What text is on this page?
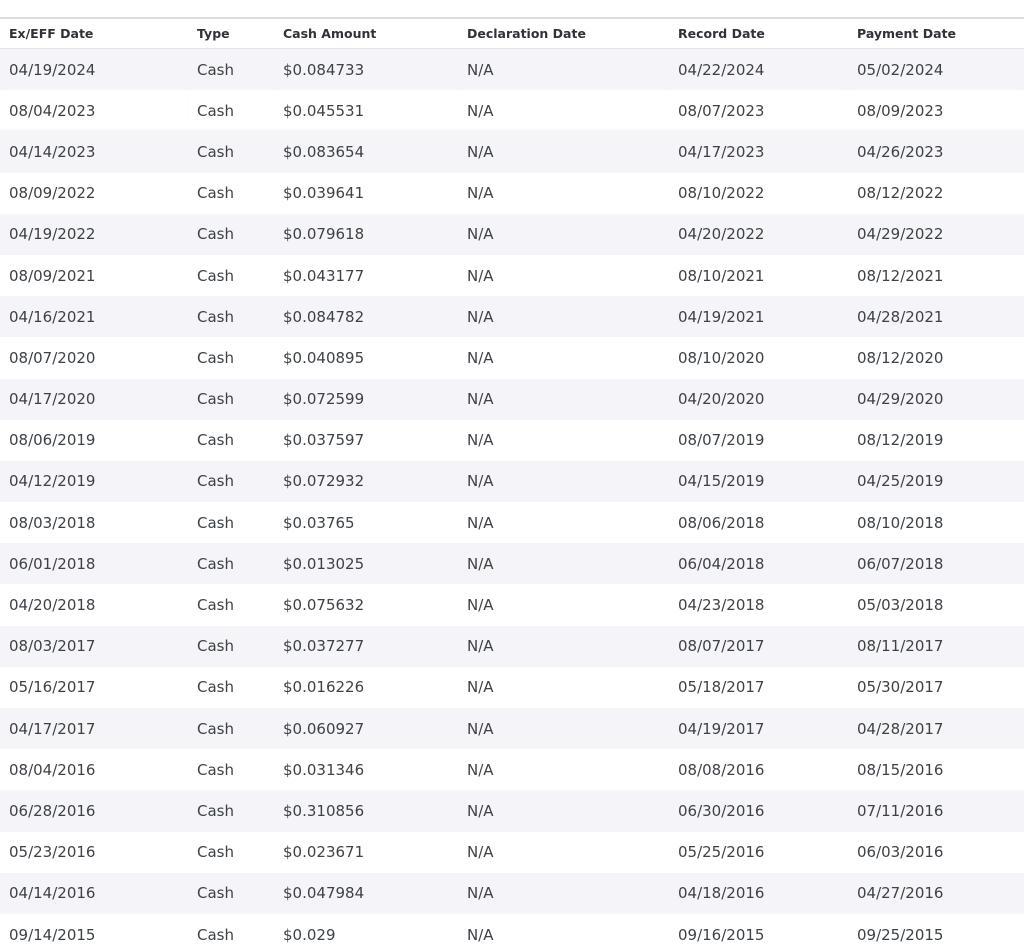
Ex/EFF Date	Type	Cash Amount	Declaration Date	Record Date	Payment Date
04/19/2024	Cash	$0.084733	N/A	04/22/2024	05/02/2024
08/04/2023	Cash	$0.045531	N/A	08/07/2023	08/09/2023
04/14/2023	Cash	$0.083654	N/A	04/17/2023	04/26/2023
08/09/2022	Cash	$0.039641	N/A	08/10/2022	08/12/2022
04/19/2022	Cash	$0.079618	N/A	04/20/2022	04/29/2022
08/09/2021	Cash	$0.043177	N/A	08/10/2021	08/12/2021
04/16/2021	Cash	$0.084782	N/A	04/19/2021	04/28/2021
08/07/2020	Cash	$0.040895	N/A	08/10/2020	08/12/2020
04/17/2020	Cash	$0.072599	N/A	04/20/2020	04/29/2020
08/06/2019	Cash	$0.037597	N/A	08/07/2019	08/12/2019
04/12/2019	Cash	$0.072932	N/A	04/15/2019	04/25/2019
08/03/2018	Cash	$0.03765	N/A	08/06/2018	08/10/2018
06/01/2018	Cash	$0.013025	N/A	06/04/2018	06/07/2018
04/20/2018	Cash	$0.075632	N/A	04/23/2018	05/03/2018
08/03/2017	Cash	$0.037277	N/A	08/07/2017	08/11/2017
05/16/2017	Cash	$0.016226	N/A	05/18/2017	05/30/2017
04/17/2017	Cash	$0.060927	N/A	04/19/2017	04/28/2017
08/04/2016	Cash	$0.031346	N/A	08/08/2016	08/15/2016
06/28/2016	Cash	$0.310856	N/A	06/30/2016	07/11/2016
05/23/2016	Cash	$0.023671	N/A	05/25/2016	06/03/2016
04/14/2016	Cash	$0.047984	N/A	04/18/2016	04/27/2016
09/14/2015	Cash	$0.029	N/A	09/16/2015	09/25/2015
